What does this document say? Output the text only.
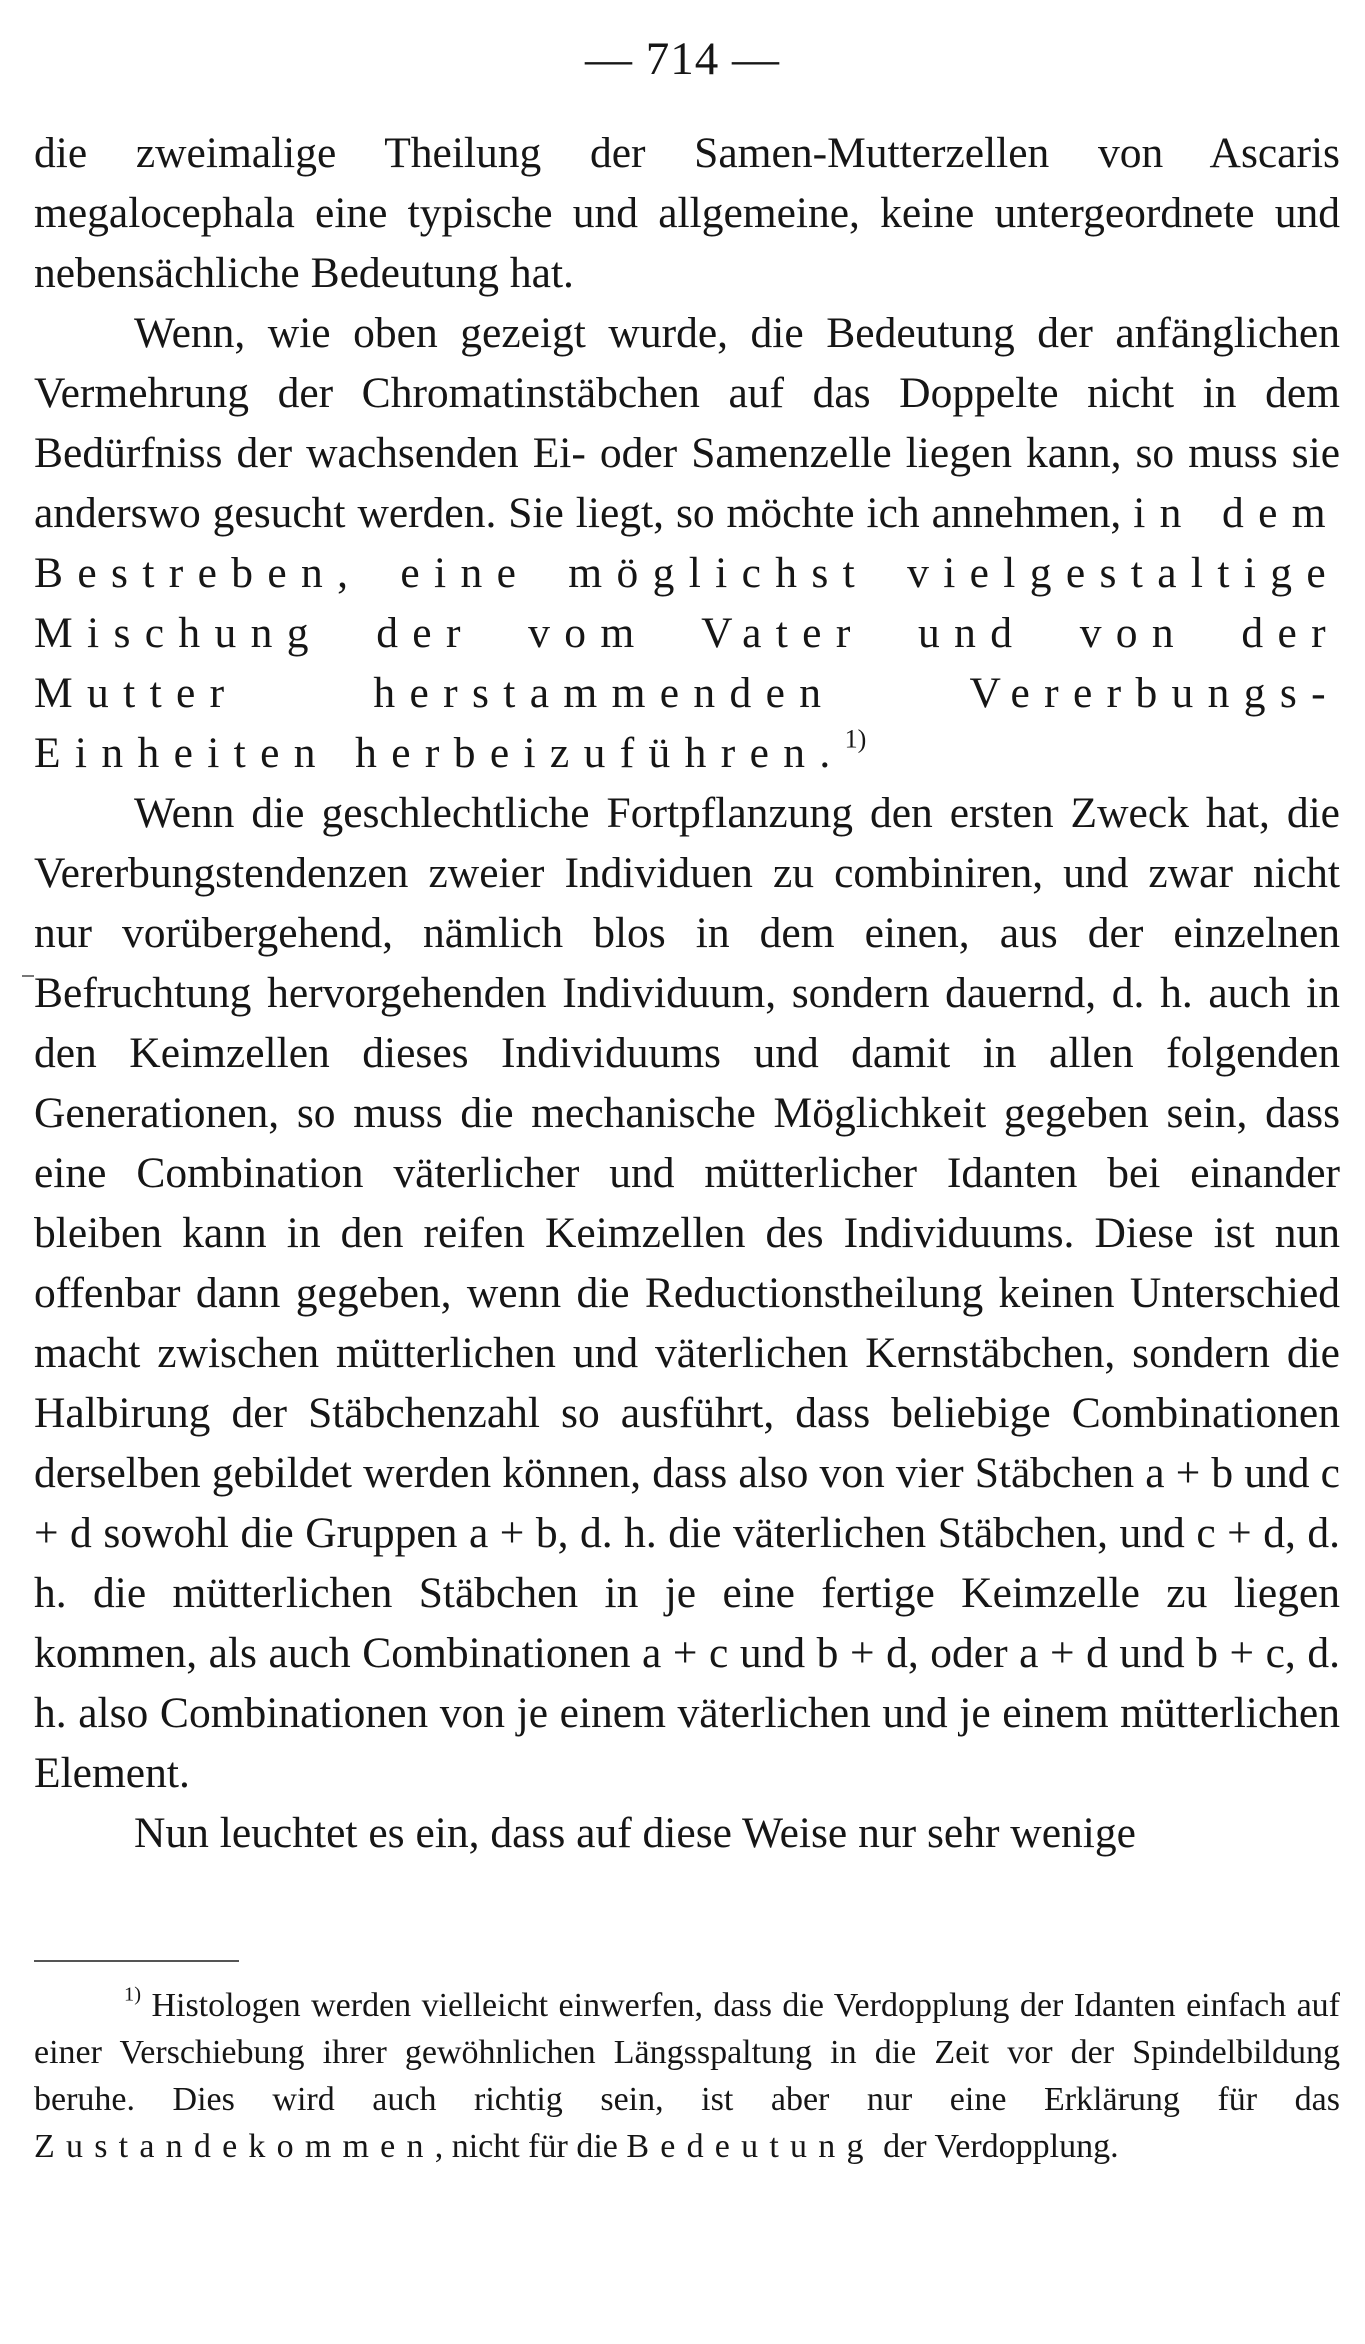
— 714 —

die zweimalige Theilung der Samen-Mutterzellen von Ascaris megalocephala eine typische und allgemeine, keine untergeordnete und nebensächliche Bedeutung hat.

Wenn, wie oben gezeigt wurde, die Bedeutung der anfänglichen Vermehrung der Chromatinstäbchen auf das Doppelte nicht in dem Bedürfniss der wachsenden Ei- oder Samenzelle liegen kann, so muss sie anderswo gesucht werden. Sie liegt, so möchte ich annehmen, in dem Bestreben, eine möglichst vielgestaltige Mischung der vom Vater und von der Mutter herstammenden Vererbungs-Einheiten herbeizuführen.$^{1)}$

Wenn die geschlechtliche Fortpflanzung den ersten Zweck hat, die Vererbungstendenzen zweier Individuen zu combiniren, und zwar nicht nur vorübergehend, nämlich blos in dem einen, aus der einzelnen Befruchtung hervorgehenden Individuum, sondern dauernd, d. h. auch in den Keimzellen dieses Individuums und damit in allen folgenden Generationen, so muss die mechanische Möglichkeit gegeben sein, dass eine Combination väterlicher und mütterlicher Idanten bei einander bleiben kann in den reifen Keimzellen des Individuums. Diese ist nun offenbar dann gegeben, wenn die Reductionstheilung keinen Unterschied macht zwischen mütterlichen und väterlichen Kernstäbchen, sondern die Halbirung der Stäbchenzahl so ausführt, dass beliebige Combinationen derselben gebildet werden können, dass also von vier Stäbchen a + b und c + d sowohl die Gruppen a + b, d. h. die väterlichen Stäbchen, und c + d, d. h. die mütterlichen Stäbchen in je eine fertige Keimzelle zu liegen kommen, als auch Combinationen a + c und b + d, oder a + d und b + c, d. h. also Combinationen von je einem väterlichen und je einem mütterlichen Element.

Nun leuchtet es ein, dass auf diese Weise nur sehr wenige

$^{1)}$ Histologen werden vielleicht einwerfen, dass die Verdopplung der Idanten einfach auf einer Verschiebung ihrer gewöhnlichen Längsspaltung in die Zeit vor der Spindelbildung beruhe. Dies wird auch richtig sein, ist aber nur eine Erklärung für das Zustandekommen, nicht für die Bedeutung der Verdopplung.
